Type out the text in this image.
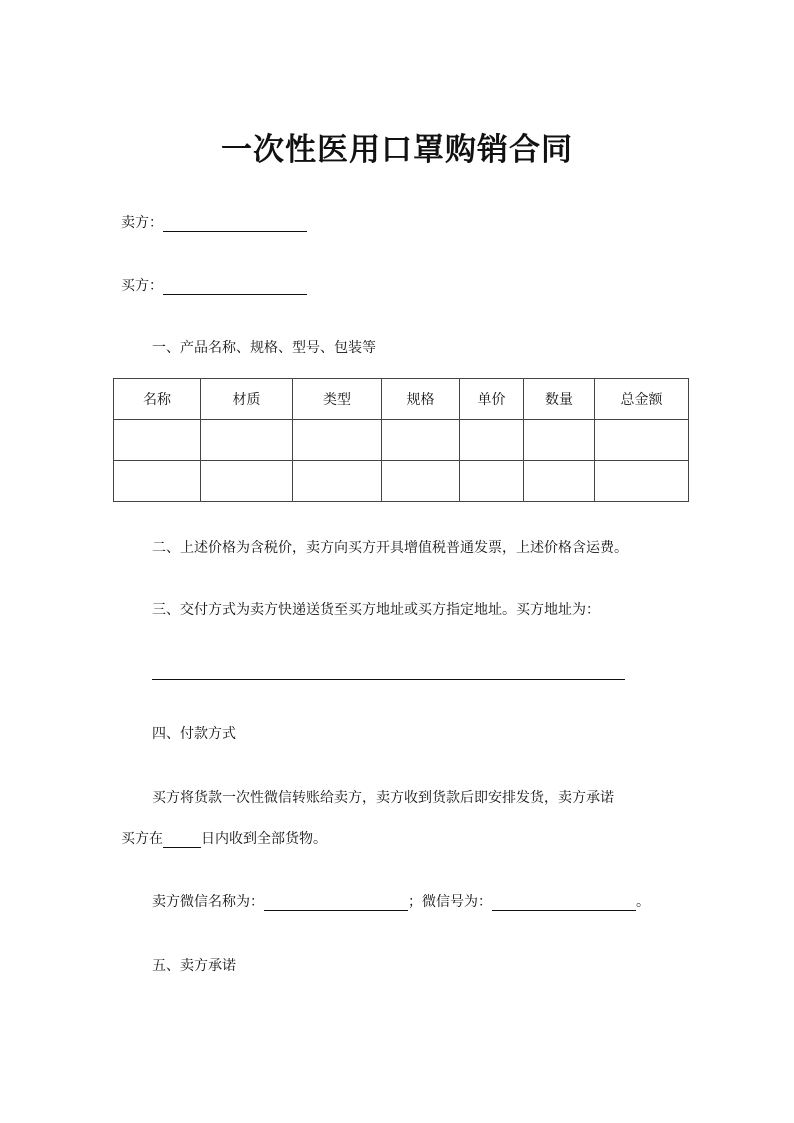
一次性医用口罩购销合同
卖方：
买方：
一、产品名称、规格、型号、包装等
名称	材质	类型	规格	单价	数量	总金额

二、上述价格为含税价，卖方向买方开具增值税普通发票，上述价格含运费。
三、交付方式为卖方快递送货至买方地址或买方指定地址。买方地址为：
四、付款方式
买方将货款一次性微信转账给卖方，卖方收到货款后即安排发货，卖方承诺
买方在	日内收到全部货物。
卖方微信名称为：	；微信号为：	。
五、卖方承诺
